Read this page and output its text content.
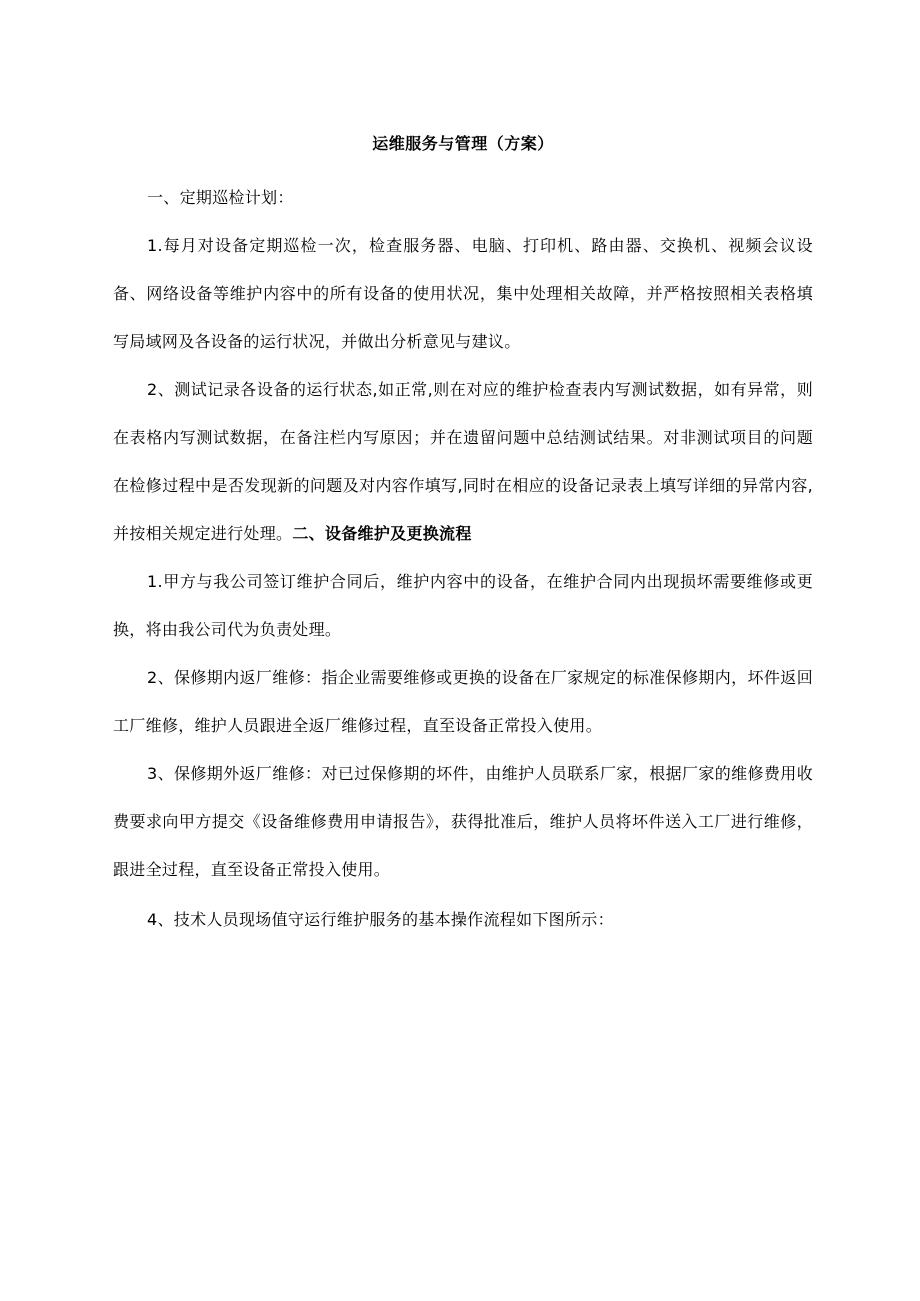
运维服务与管理（方案）

一、定期巡检计划：

1.每月对设备定期巡检一次，检查服务器、电脑、打印机、路由器、交换机、视频会议设备、网络设备等维护内容中的所有设备的使用状况，集中处理相关故障，并严格按照相关表格填写局域网及各设备的运行状况，并做出分析意见与建议。

2、测试记录各设备的运行状态,如正常,则在对应的维护检查表内写测试数据，如有异常，则在表格内写测试数据，在备注栏内写原因；并在遗留问题中总结测试结果。对非测试项目的问题在检修过程中是否发现新的问题及对内容作填写,同时在相应的设备记录表上填写详细的异常内容,并按相关规定进行处理。二、设备维护及更换流程

1.甲方与我公司签订维护合同后，维护内容中的设备，在维护合同内出现损坏需要维修或更换，将由我公司代为负责处理。

2、保修期内返厂维修：指企业需要维修或更换的设备在厂家规定的标准保修期内，坏件返回工厂维修，维护人员跟进全返厂维修过程，直至设备正常投入使用。

3、保修期外返厂维修：对已过保修期的坏件，由维护人员联系厂家，根据厂家的维修费用收费要求向甲方提交《设备维修费用申请报告》，获得批准后，维护人员将坏件送入工厂进行维修，跟进全过程，直至设备正常投入使用。

4、技术人员现场值守运行维护服务的基本操作流程如下图所示：
